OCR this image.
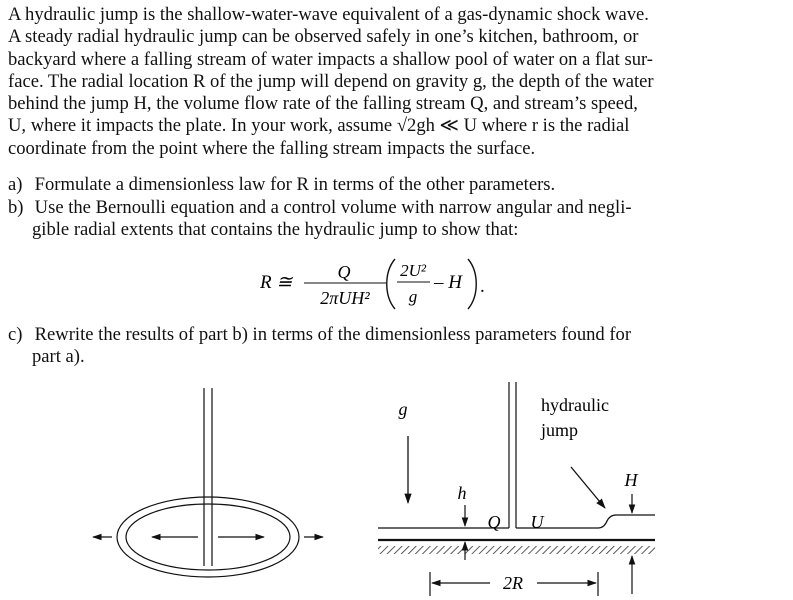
A hydraulic jump is the shallow-water-wave equivalent of a gas-dynamic shock wave.
A steady radial hydraulic jump can be observed safely in one’s kitchen, bathroom, or
backyard where a falling stream of water impacts a shallow pool of water on a flat sur-
face. The radial location R of the jump will depend on gravity g, the depth of the water
behind the jump H, the volume flow rate of the falling stream Q, and stream’s speed,
U, where it impacts the plate. In your work, assume √2gh ≪ U where r is the radial
coordinate from the point where the falling stream impacts the surface.
a) Formulate a dimensionless law for R in terms of the other parameters.
b) Use the Bernoulli equation and a control volume with narrow angular and negli-
gible radial extents that contains the hydraulic jump to show that:
R ≅	Q
2πUH²
2U²
g
– H .
c) Rewrite the results of part b) in terms of the dimensionless parameters found for
part a).
g
h
Q U
hydraulic
jump
H
2R
